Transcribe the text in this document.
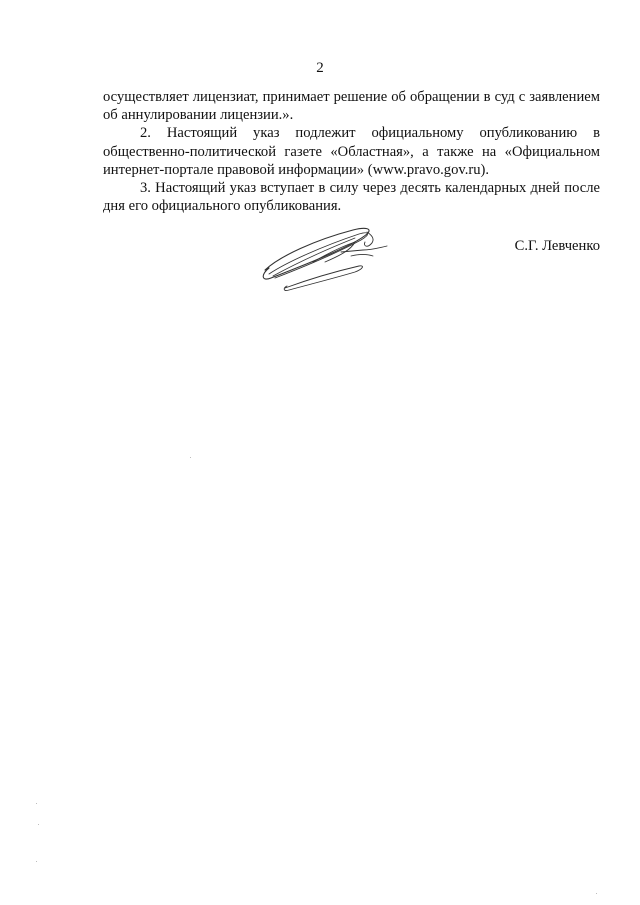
2

осуществляет лицензиат, принимает решение об обращении в суд с заявлением об аннулировании лицензии.».

2. Настоящий указ подлежит официальному опубликованию в общественно-политической газете «Областная», а также на «Официальном интернет-портале правовой информации» (www.pravo.gov.ru).

3. Настоящий указ вступает в силу через десять календарных дней после дня его официального опубликования.

С.Г. Левченко
